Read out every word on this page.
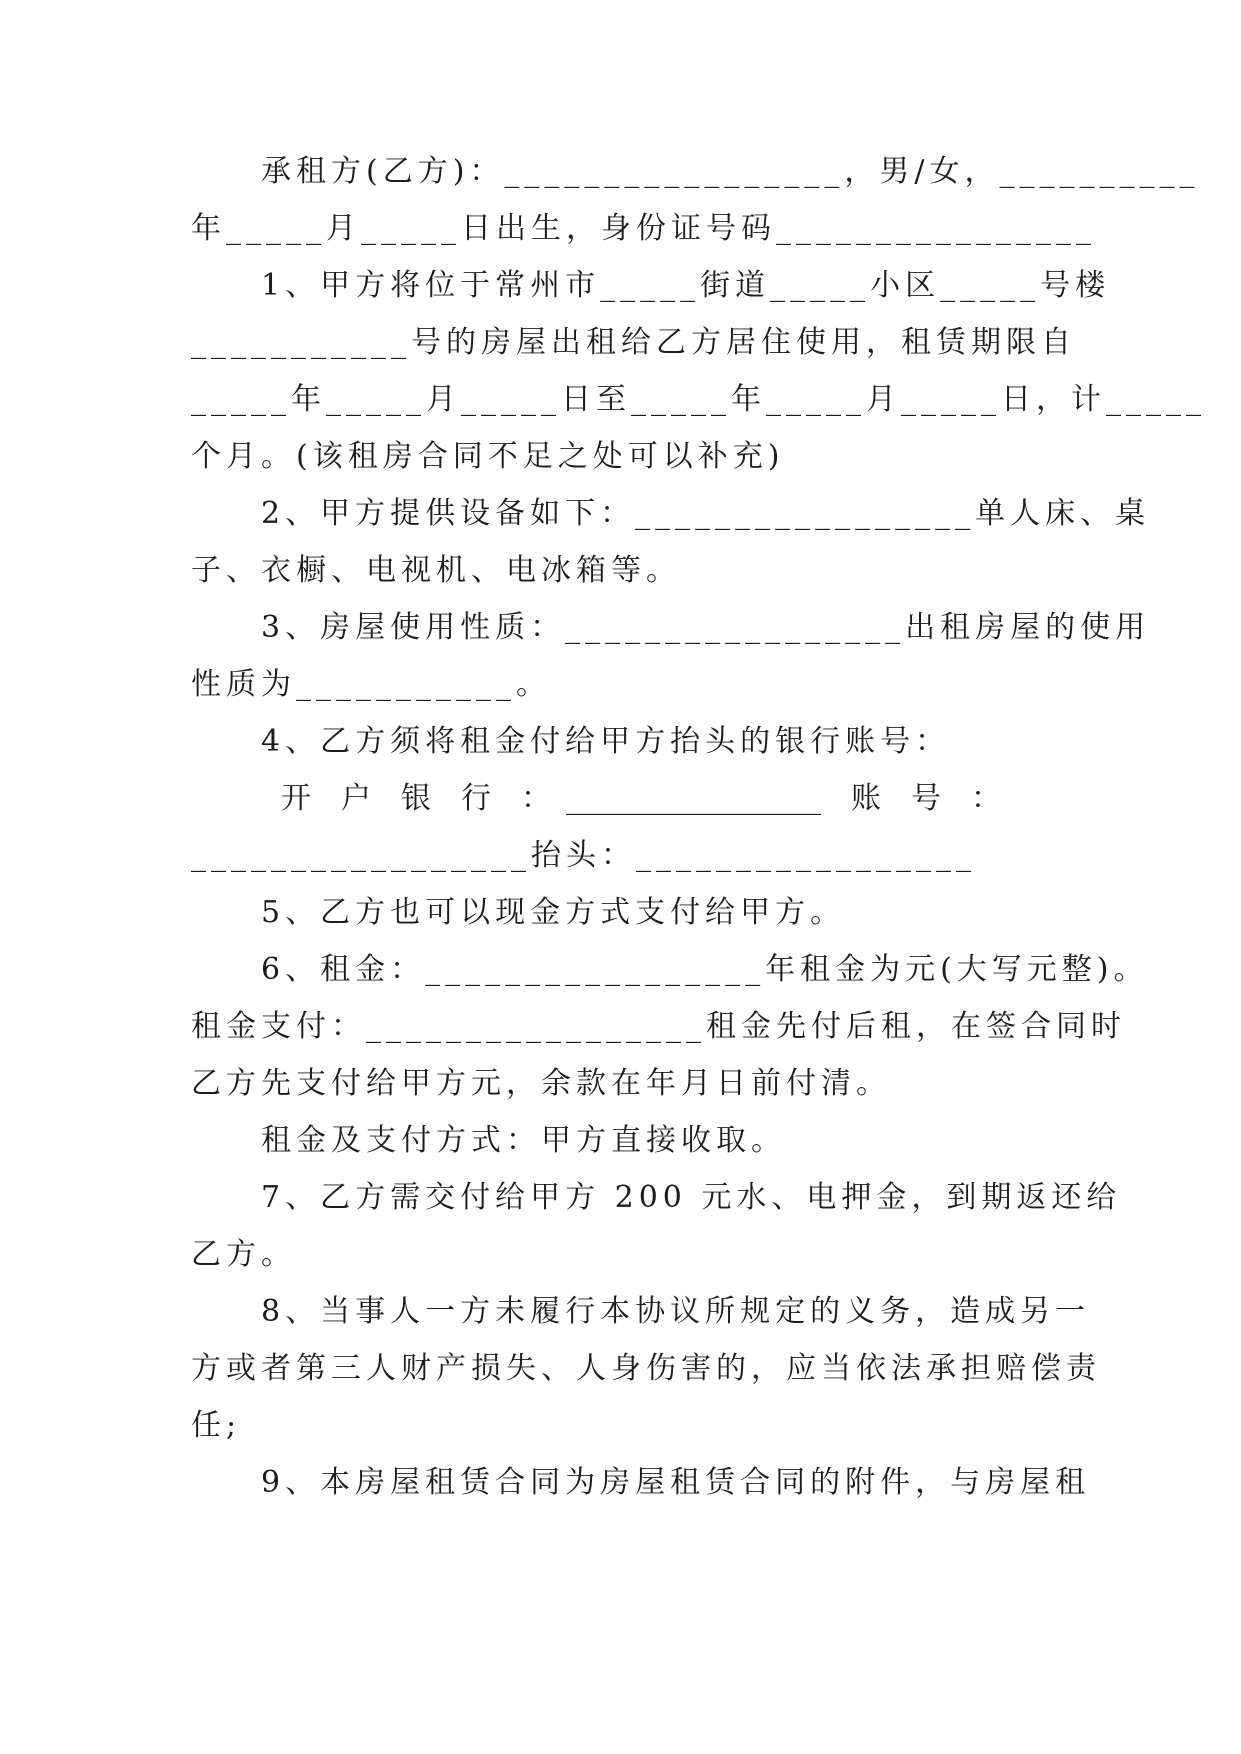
　　承租方(乙方)：_________________，男/女，__________
年_____月_____日出生，身份证号码________________
　　1、甲方将位于常州市_____街道_____小区_____号楼
___________号的房屋出租给乙方居住使用，租赁期限自
_____年_____月_____日至_____年_____月_____日，计_____
个月。(该租房合同不足之处可以补充)
　　2、甲方提供设备如下：_________________单人床、桌
子、衣橱、电视机、电冰箱等。
　　3、房屋使用性质：_________________出租房屋的使用
性质为___________。
　　4、乙方须将租金付给甲方抬头的银行账号：
　　　开　户　银　行　：　_________________　账　号　：
_________________抬头：_________________
　　5、乙方也可以现金方式支付给甲方。
　　6、租金：_________________年租金为元(大写元整)。
租金支付：_________________租金先付后租，在签合同时
乙方先支付给甲方元，余款在年月日前付清。
　　租金及支付方式：甲方直接收取。
　　7、乙方需交付给甲方 200 元水、电押金，到期返还给
乙方。
　　8、当事人一方未履行本协议所规定的义务，造成另一
方或者第三人财产损失、人身伤害的，应当依法承担赔偿责
任;
　　9、本房屋租赁合同为房屋租赁合同的附件，与房屋租
